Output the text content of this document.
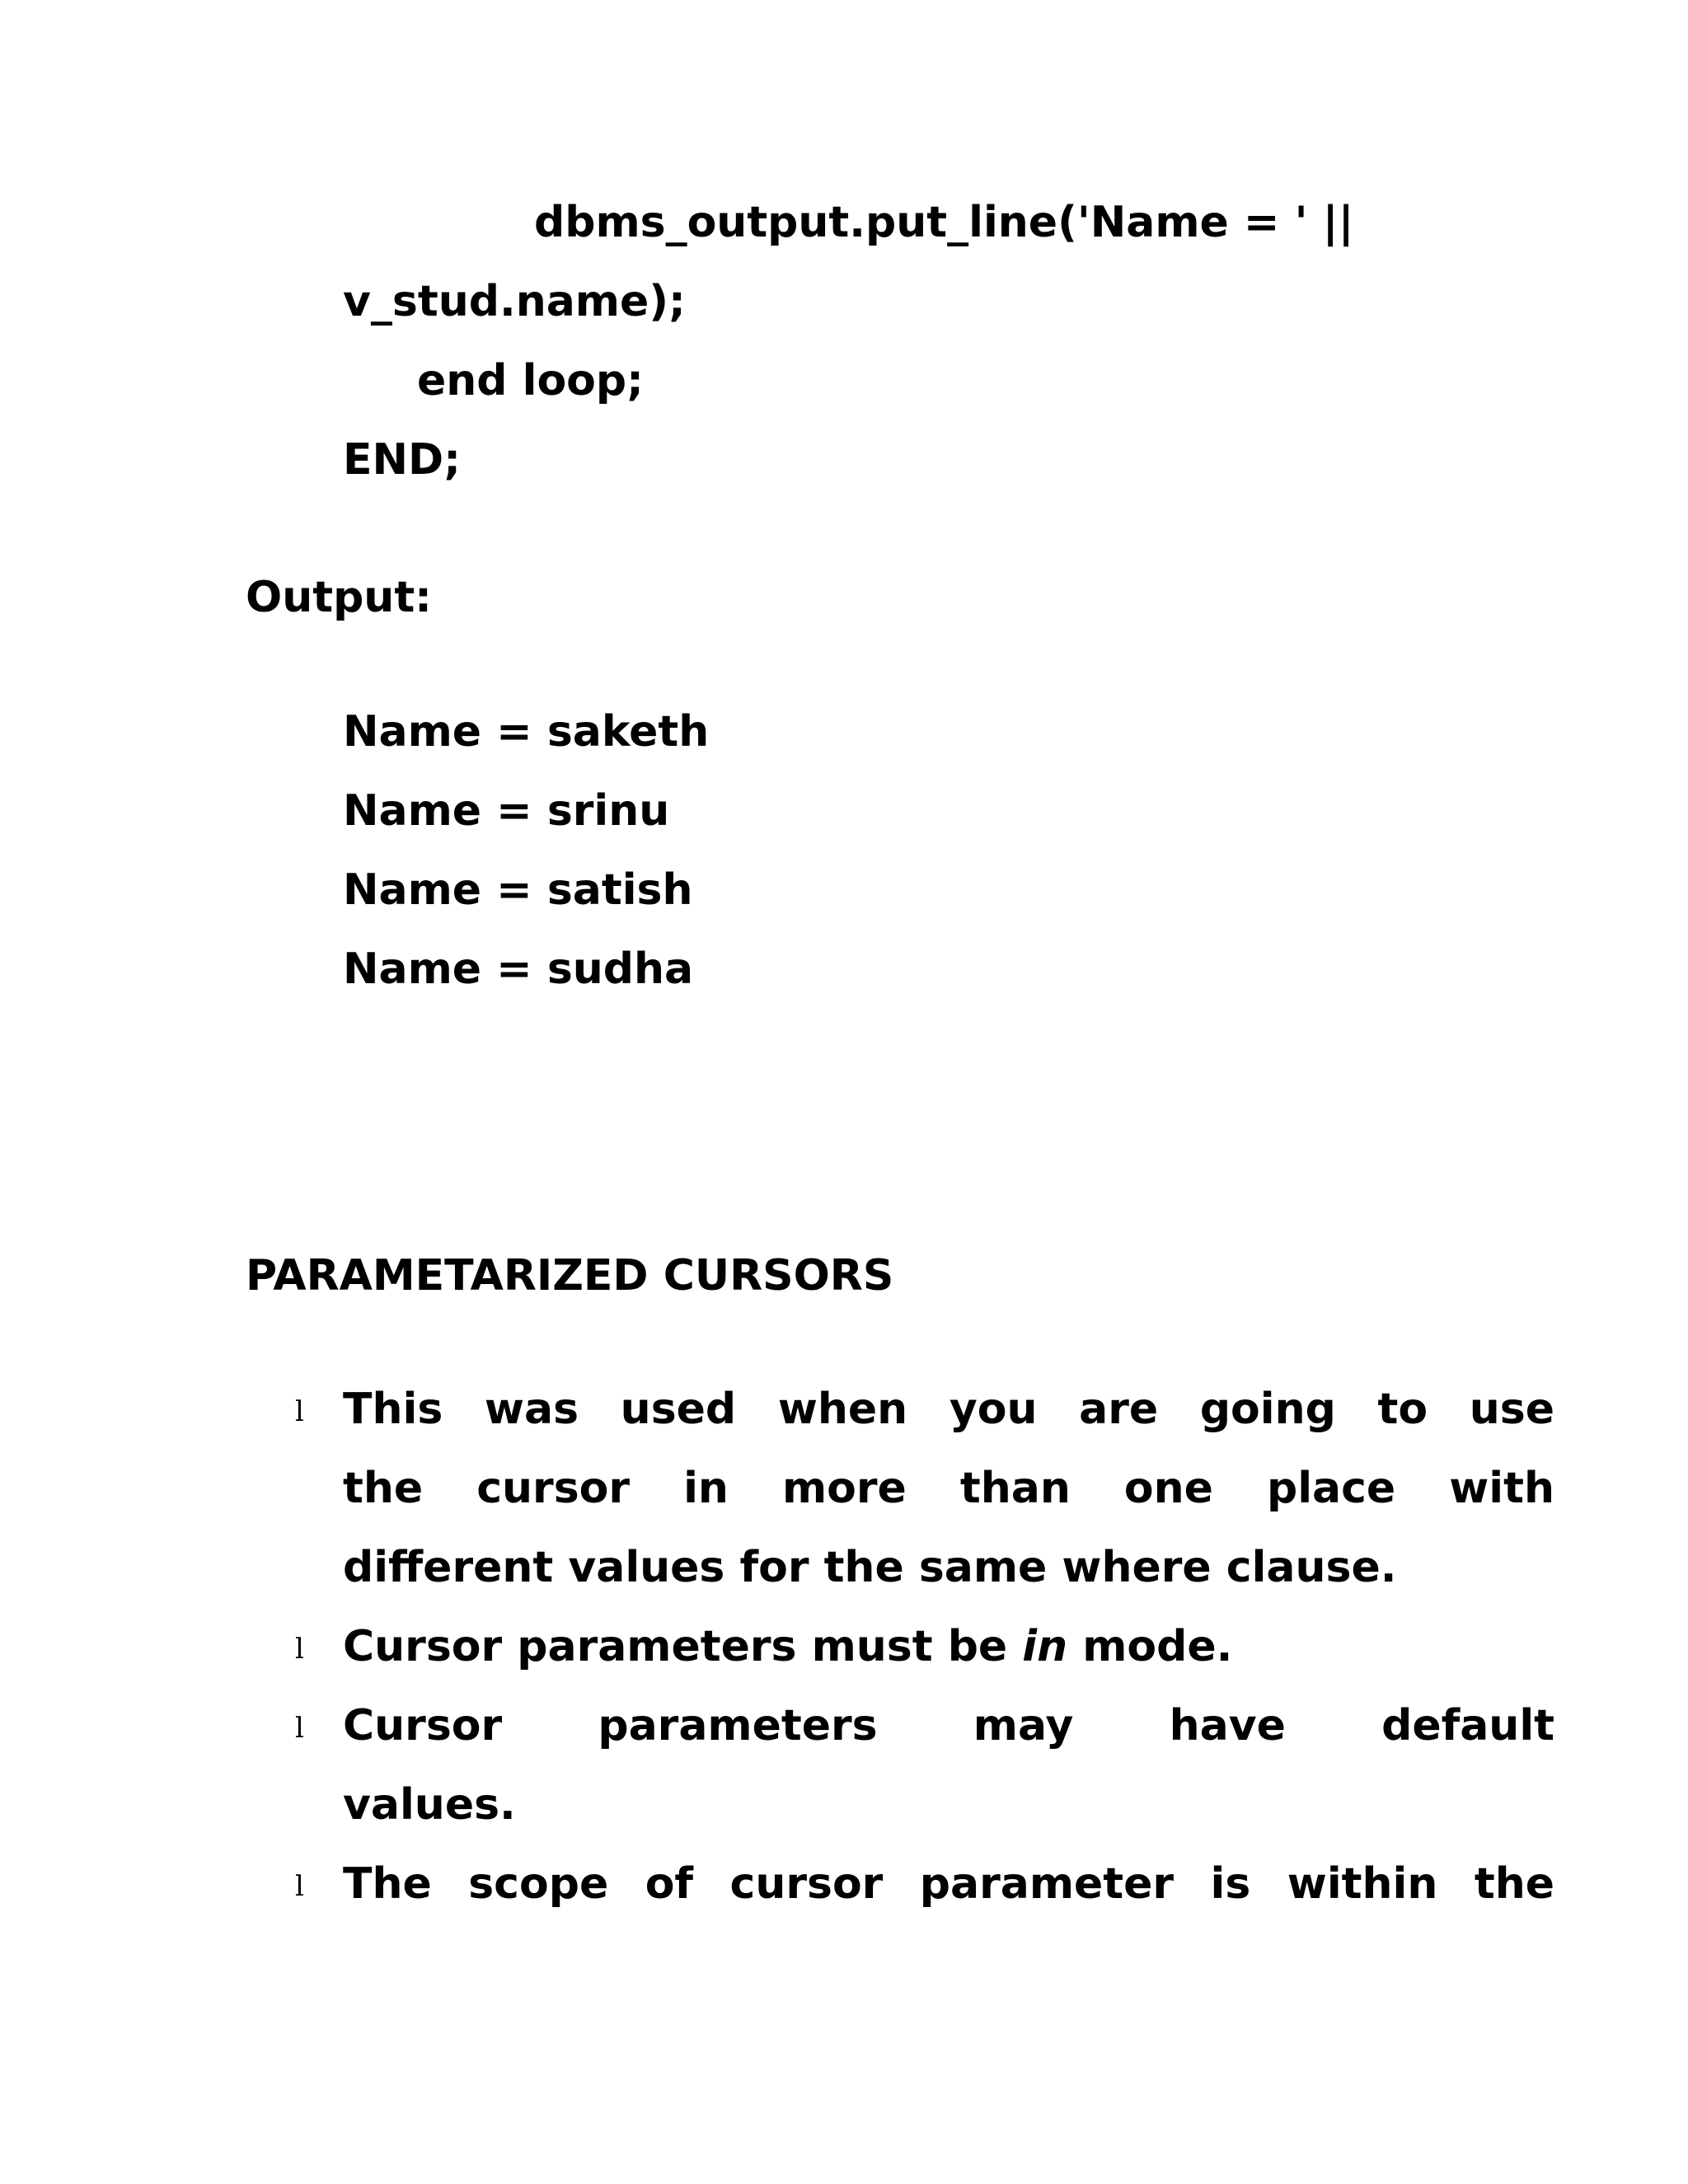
dbms_output.put_line('Name = ' ||
v_stud.name);
end loop;
END;
Output:
Name = saketh
Name = srinu
Name = satish
Name = sudha
PARAMETARIZED CURSORS
l This was used when you are going to use
the cursor in more than one place with
different values for the same where clause.
l Cursor parameters must be in mode.
l Cursor parameters may have default
values.
l The scope of cursor parameter is within the
